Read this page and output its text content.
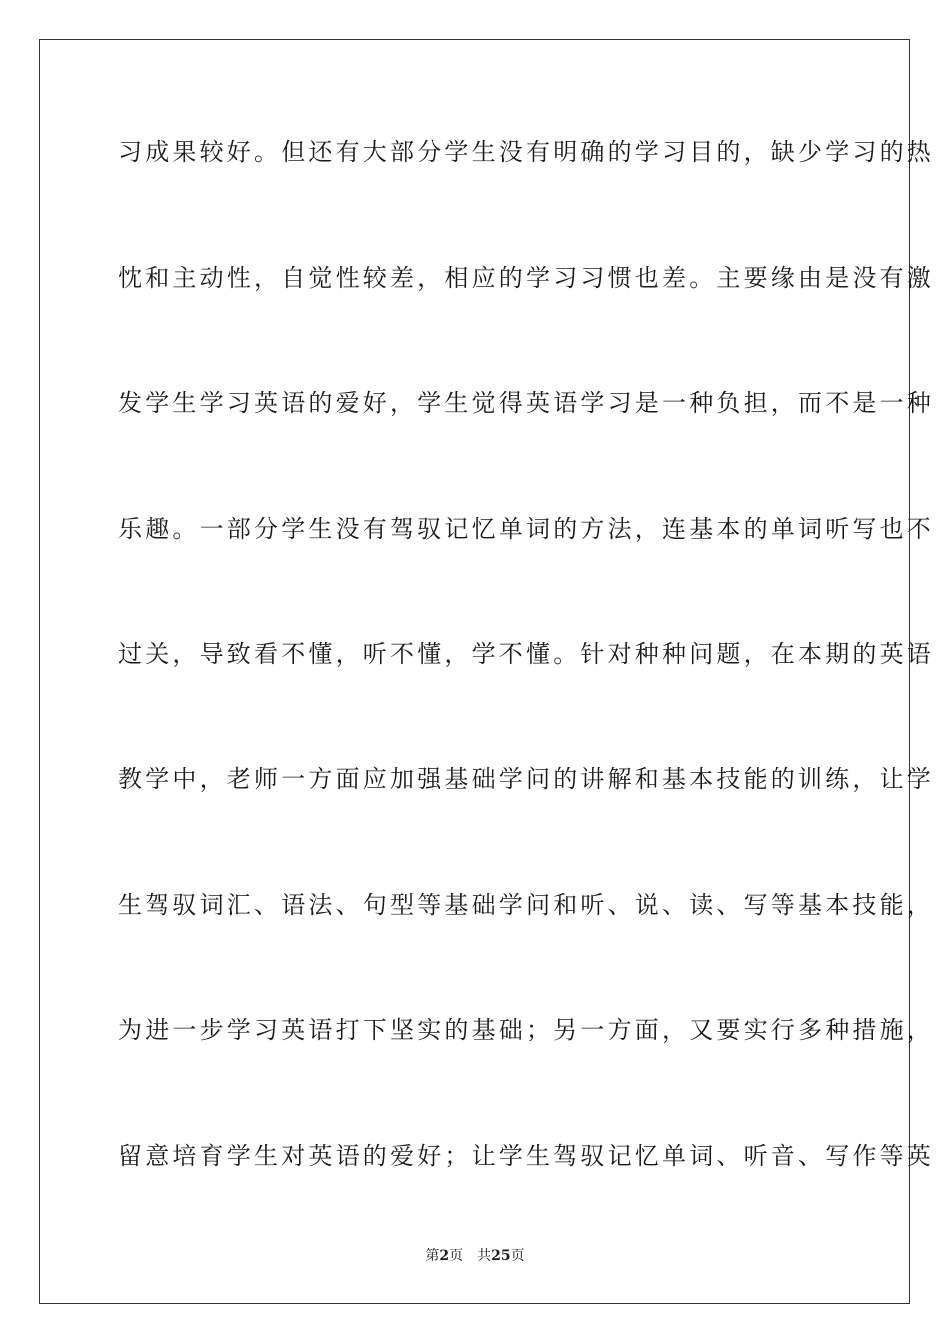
习成果较好。但还有大部分学生没有明确的学习目的，缺少学习的热
忱和主动性，自觉性较差，相应的学习习惯也差。主要缘由是没有激
发学生学习英语的爱好，学生觉得英语学习是一种负担，而不是一种
乐趣。一部分学生没有驾驭记忆单词的方法，连基本的单词听写也不
过关，导致看不懂，听不懂，学不懂。针对种种问题，在本期的英语
教学中，老师一方面应加强基础学问的讲解和基本技能的训练，让学
生驾驭词汇、语法、句型等基础学问和听、说、读、写等基本技能，
为进一步学习英语打下坚实的基础；另一方面，又要实行多种措施，
留意培育学生对英语的爱好；让学生驾驭记忆单词、听音、写作等英
第2页 共25页
